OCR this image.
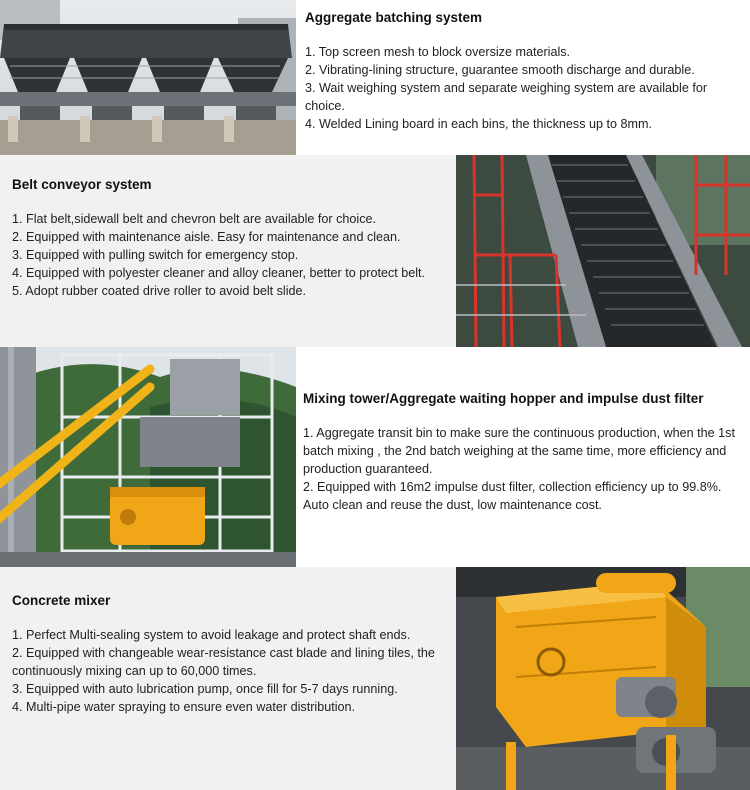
Aggregate batching system

1. Top screen mesh to block oversize materials.

2. Vibrating-lining structure, guarantee smooth discharge and durable.

3. Wait weighing system and separate weighing system are available for choice.

4. Welded Lining board in each bins, the thickness up to 8mm.

Belt conveyor system

1. Flat belt,sidewall belt and chevron belt are available for choice.

2. Equipped with maintenance aisle. Easy for maintenance and clean.

3. Equipped with pulling switch for emergency stop.

4. Equipped with polyester cleaner and alloy cleaner, better to protect belt.

5. Adopt rubber coated drive roller to avoid belt slide.

Mixing tower/Aggregate waiting hopper and impulse dust filter

1. Aggregate transit bin to make sure the continuous production, when the 1st batch mixing , the 2nd batch weighing at the same time, more efficiency and production guaranteed.

2. Equipped with 16m2 impulse dust filter, collection efficiency up to 99.8%. Auto clean and reuse the dust, low maintenance cost.

Concrete mixer

1. Perfect Multi-sealing system to avoid leakage and protect shaft ends.

2. Equipped with changeable wear-resistance cast blade and lining tiles, the continuously mixing can up to 60,000 times.

3. Equipped with auto lubrication pump, once fill for 5-7 days running.

4. Multi-pipe water spraying to ensure even water distribution.
